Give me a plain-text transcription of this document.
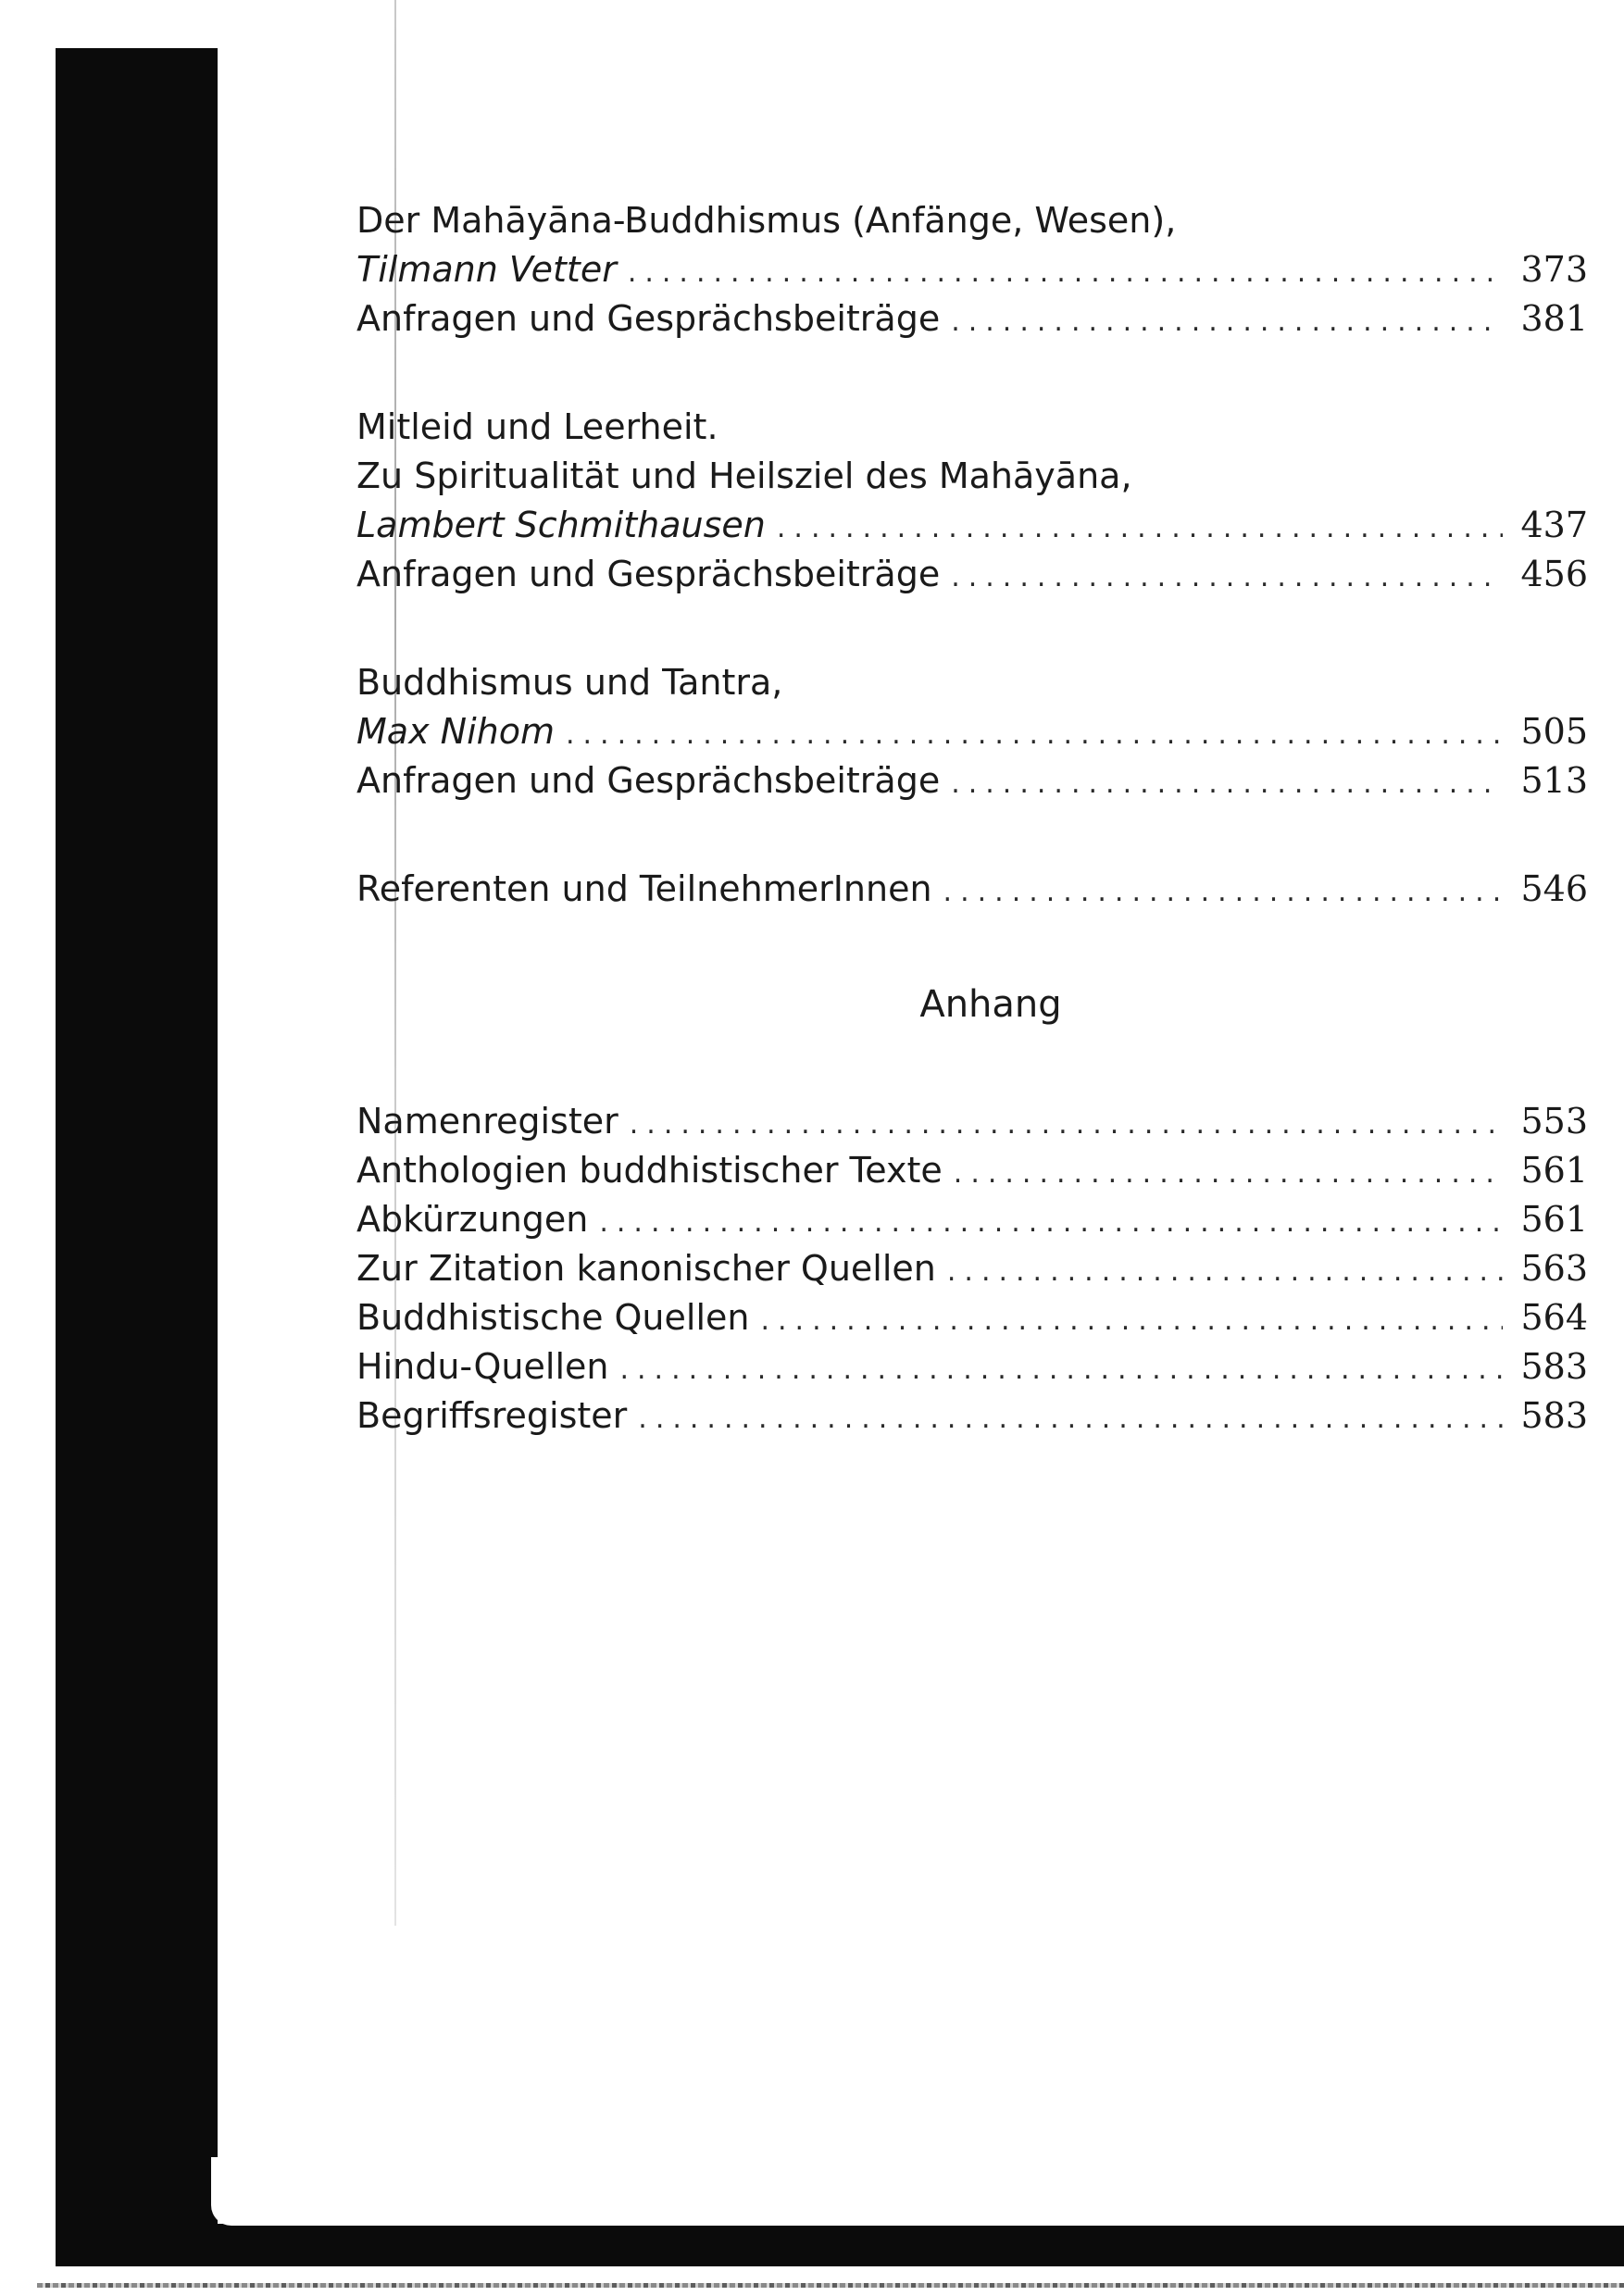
Der Mahāyāna-Buddhismus (Anfänge, Wesen),
Tilmann Vetter .....	373
Anfragen und Gesprächsbeiträge .....	381
Mitleid und Leerheit.
Zu Spiritualität und Heilsziel des Mahāyāna,
Lambert Schmithausen .....	437
Anfragen und Gesprächsbeiträge .....	456
Buddhismus und Tantra,
Max Nihom .....	505
Anfragen und Gesprächsbeiträge .....	513
Referenten und TeilnehmerInnen .....	546
Anhang
Namenregister .....	553
Anthologien buddhistischer Texte .....	561
Abkürzungen .....	561
Zur Zitation kanonischer Quellen .....	563
Buddhistische Quellen .....	564
Hindu-Quellen .....	583
Begriffsregister .....	583
